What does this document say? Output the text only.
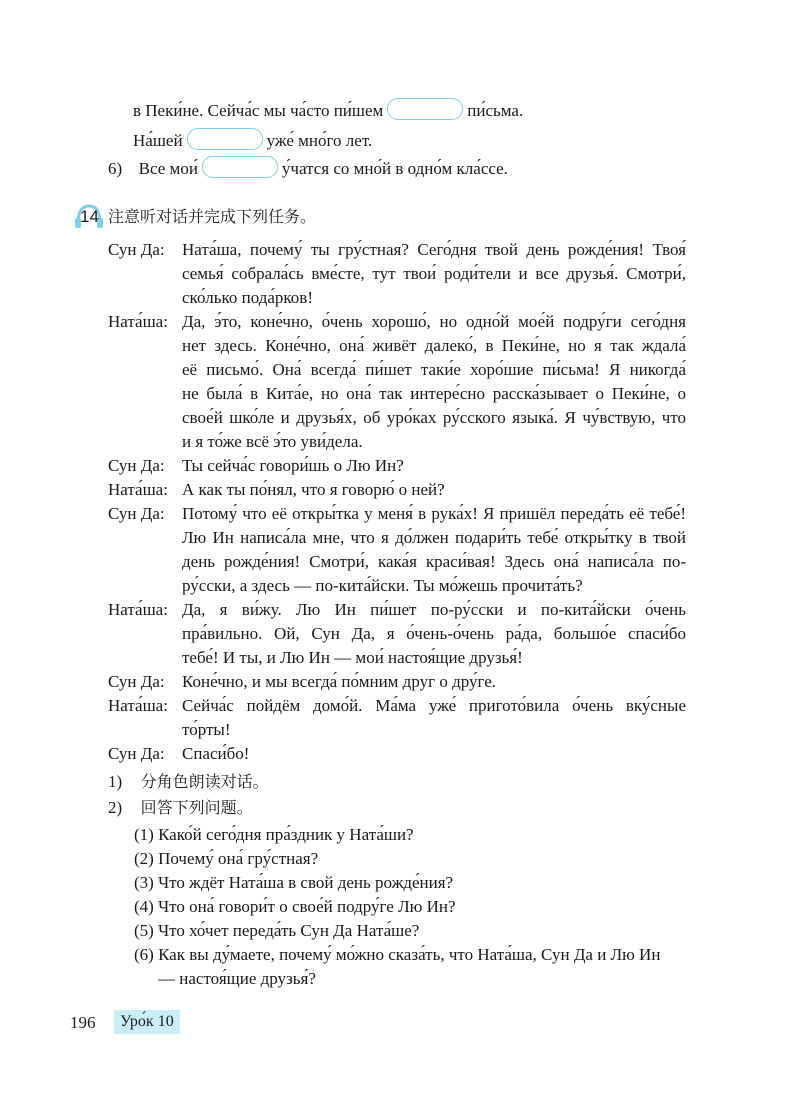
в Пеки́не. Сейча́с мы ча́сто пи́шем	пи́сьма.
На́шей	уже́ мно́го лет.
6) Все мои́	у́чатся со мно́й в одно́м кла́ссе.
14 注意听对话并完成下列任务。
Сун Да: Ната́ша, почему́ ты гру́стная? Сего́дня твой день рожде́ния! Твоя́
семья́ собрала́сь вме́сте, тут твои́ роди́тели и все друзья́. Смотри́,
ско́лько пода́рков!
Ната́ша: Да, э́то, коне́чно, о́чень хорошо́, но одно́й мое́й подру́ги сего́дня
нет здесь. Коне́чно, она́ живёт далеко́, в Пеки́не, но я так ждала́
её письмо́. Она́ всегда́ пи́шет таки́е хоро́шие пи́сьма! Я никогда́
не была́ в Кита́е, но она́ так интере́сно расска́зывает о Пеки́не, о
свое́й шко́ле и друзья́х, об уро́ках ру́сского языка́. Я чу́вствую, что
и я то́же всё э́то уви́дела.
Сун Да: Ты сейча́с говори́шь о Лю Ин?
Ната́ша: А как ты по́нял, что я говорю́ о ней?
Сун Да: Потому́ что её откры́тка у меня́ в рука́х! Я пришёл переда́ть её тебе́!
Лю Ин написа́ла мне, что я до́лжен подари́ть тебе́ откры́тку в твой
день рожде́ния! Смотри́, кака́я краси́вая! Здесь она́ написа́ла по-
ру́сски, а здесь — по-кита́йски. Ты мо́жешь прочита́ть?
Ната́ша: Да, я ви́жу. Лю Ин пи́шет по-ру́сски и по-кита́йски о́чень
пра́вильно. Ой, Сун Да, я о́чень-о́чень ра́да, большо́е спаси́бо
тебе́! И ты, и Лю Ин — мои́ настоя́щие друзья́!
Сун Да: Коне́чно, и мы всегда́ по́мним друг о дру́ге.
Ната́ша: Сейча́с пойдём домо́й. Ма́ма уже́ пригото́вила о́чень вку́сные
то́рты!
Сун Да: Спаси́бо!
1) 分角色朗读对话。
2) 回答下列问题。
(1) Како́й сего́дня пра́здник у Ната́ши?
(2) Почему́ она́ гру́стная?
(3) Что ждёт Ната́ша в свой день рожде́ния?
(4) Что она́ говори́т о свое́й подру́ге Лю Ин?
(5) Что хо́чет переда́ть Сун Да Ната́ше?
(6) Как вы ду́маете, почему́ мо́жно сказа́ть, что Ната́ша, Сун Да и Лю Ин
— настоя́щие друзья́?
196	Уро́к 10
